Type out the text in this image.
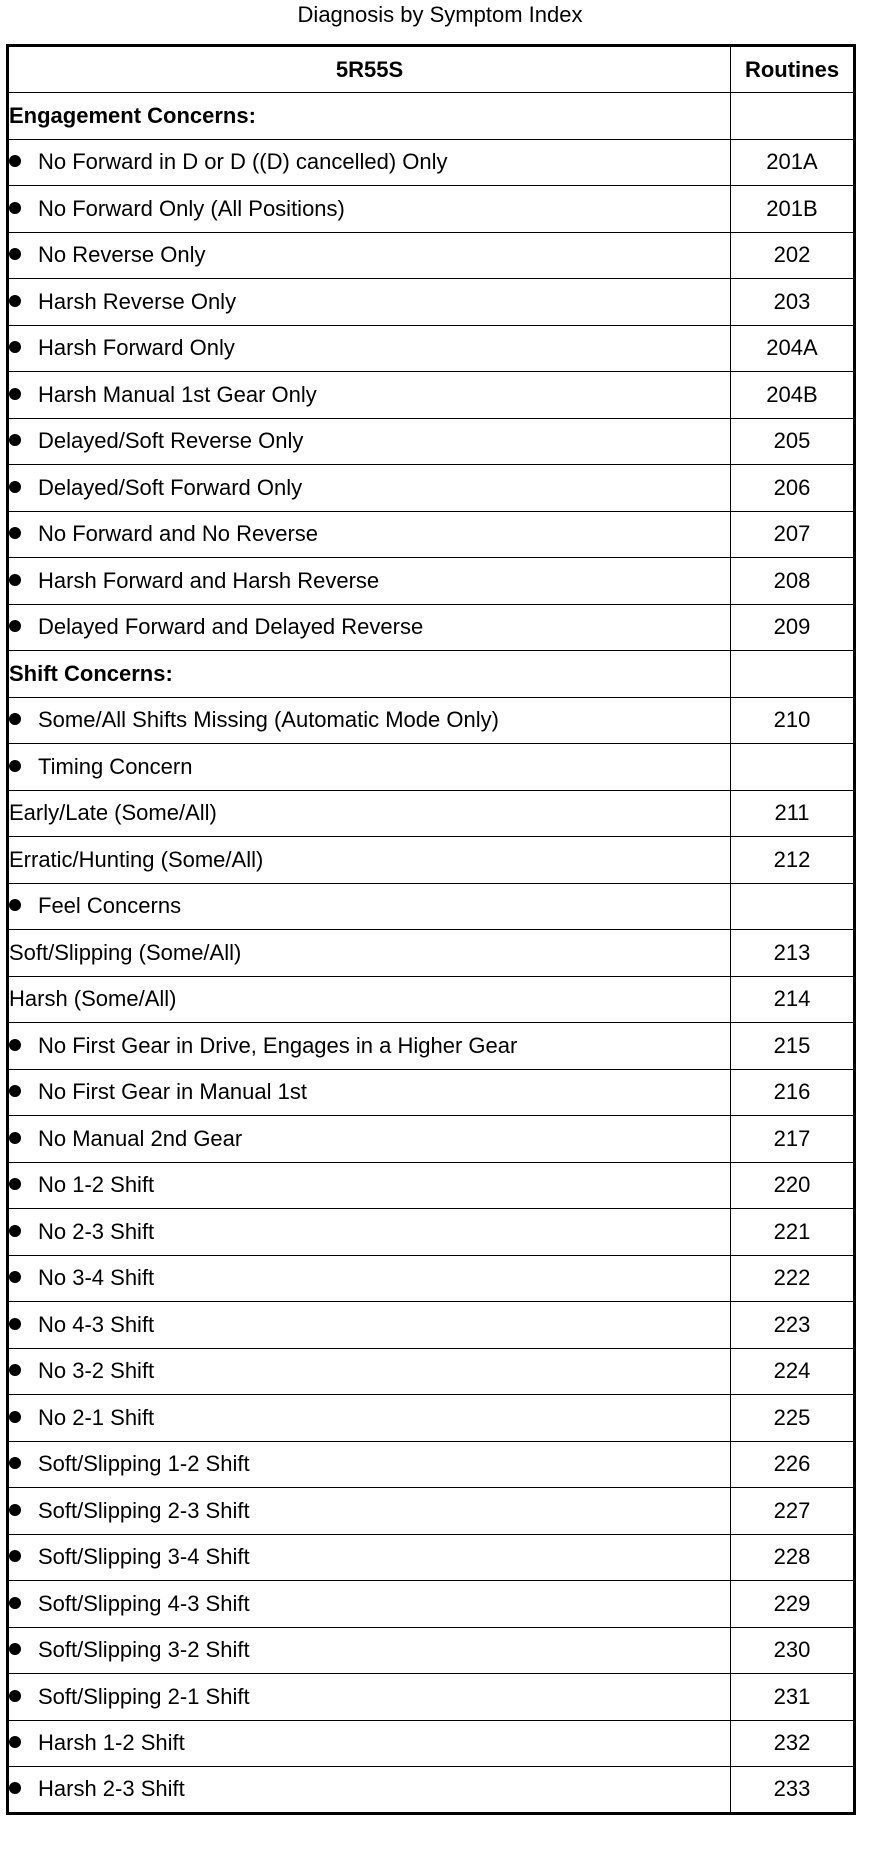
Diagnosis by Symptom Index
5R55S	Routines
Engagement Concerns:	
No Forward in D or D ((D) cancelled) Only	201A
No Forward Only (All Positions)	201B
No Reverse Only	202
Harsh Reverse Only	203
Harsh Forward Only	204A
Harsh Manual 1st Gear Only	204B
Delayed/Soft Reverse Only	205
Delayed/Soft Forward Only	206
No Forward and No Reverse	207
Harsh Forward and Harsh Reverse	208
Delayed Forward and Delayed Reverse	209
Shift Concerns:	
Some/All Shifts Missing (Automatic Mode Only)	210
Timing Concern	
Early/Late (Some/All)	211
Erratic/Hunting (Some/All)	212
Feel Concerns	
Soft/Slipping (Some/All)	213
Harsh (Some/All)	214
No First Gear in Drive, Engages in a Higher Gear	215
No First Gear in Manual 1st	216
No Manual 2nd Gear	217
No 1-2 Shift	220
No 2-3 Shift	221
No 3-4 Shift	222
No 4-3 Shift	223
No 3-2 Shift	224
No 2-1 Shift	225
Soft/Slipping 1-2 Shift	226
Soft/Slipping 2-3 Shift	227
Soft/Slipping 3-4 Shift	228
Soft/Slipping 4-3 Shift	229
Soft/Slipping 3-2 Shift	230
Soft/Slipping 2-1 Shift	231
Harsh 1-2 Shift	232
Harsh 2-3 Shift	233
